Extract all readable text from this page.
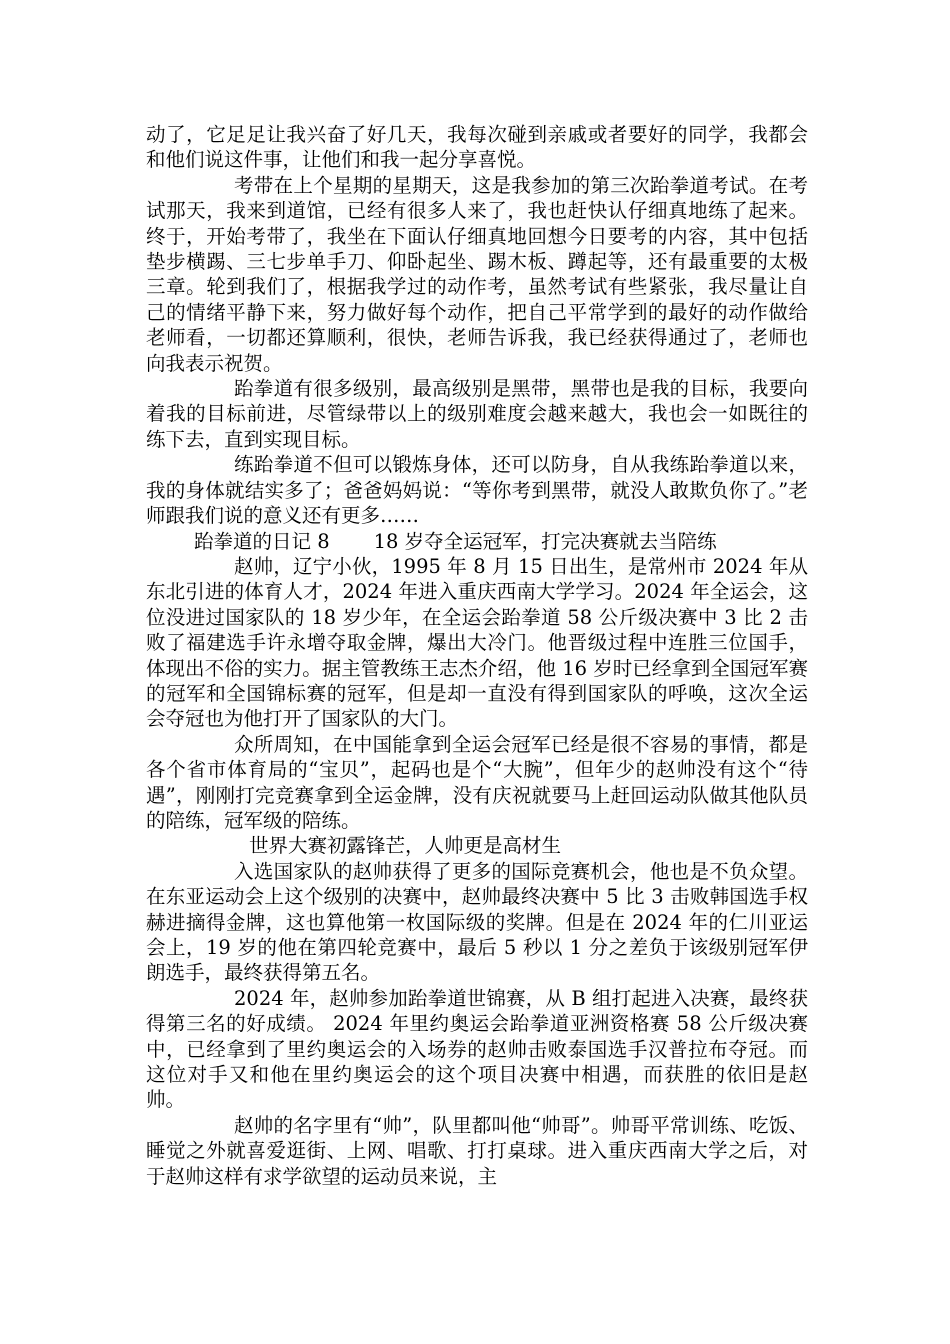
动了，它足足让我兴奋了好几天，我每次碰到亲戚或者要好的同学，我都会和他们说这件事，让他们和我一起分享喜悦。

考带在上个星期的星期天，这是我参加的第三次跆拳道考试。在考试那天，我来到道馆，已经有很多人来了，我也赶快认仔细真地练了起来。终于，开始考带了，我坐在下面认仔细真地回想今日要考的内容，其中包括垫步横踢、三七步单手刀、仰卧起坐、踢木板、蹲起等，还有最重要的太极三章。轮到我们了，根据我学过的动作考，虽然考试有些紧张，我尽量让自己的情绪平静下来，努力做好每个动作，把自己平常学到的最好的动作做给老师看，一切都还算顺利，很快，老师告诉我，我已经获得通过了，老师也向我表示祝贺。

跆拳道有很多级别，最高级别是黑带，黑带也是我的目标，我要向着我的目标前进，尽管绿带以上的级别难度会越来越大，我也会一如既往的练下去，直到实现目标。

练跆拳道不但可以锻炼身体，还可以防身，自从我练跆拳道以来，我的身体就结实多了；爸爸妈妈说：“等你考到黑带，就没人敢欺负你了。”老师跟我们说的意义还有更多……

跆拳道的日记 8 18 岁夺全运冠军，打完决赛就去当陪练

赵帅，辽宁小伙，1995 年 8 月 15 日出生，是常州市 2024 年从东北引进的体育人才，2024 年进入重庆西南大学学习。2024 年全运会，这位没进过国家队的 18 岁少年，在全运会跆拳道 58 公斤级决赛中 3 比 2 击败了福建选手许永增夺取金牌，爆出大冷门。他晋级过程中连胜三位国手，体现出不俗的实力。据主管教练王志杰介绍，他 16 岁时已经拿到全国冠军赛的冠军和全国锦标赛的冠军，但是却一直没有得到国家队的呼唤，这次全运会夺冠也为他打开了国家队的大门。

众所周知，在中国能拿到全运会冠军已经是很不容易的事情，都是各个省市体育局的“宝贝”，起码也是个“大腕”，但年少的赵帅没有这个“待遇”，刚刚打完竞赛拿到全运金牌，没有庆祝就要马上赶回运动队做其他队员的陪练，冠军级的陪练。

世界大赛初露锋芒，人帅更是高材生

入选国家队的赵帅获得了更多的国际竞赛机会，他也是不负众望。在东亚运动会上这个级别的决赛中，赵帅最终决赛中 5 比 3 击败韩国选手权赫进摘得金牌，这也算他第一枚国际级的奖牌。但是在 2024 年的仁川亚运会上，19 岁的他在第四轮竞赛中，最后 5 秒以 1 分之差负于该级别冠军伊朗选手，最终获得第五名。

2024 年，赵帅参加跆拳道世锦赛，从 B 组打起进入决赛，最终获得第三名的好成绩。 2024 年里约奥运会跆拳道亚洲资格赛 58 公斤级决赛中，已经拿到了里约奥运会的入场券的赵帅击败泰国选手汉普拉布夺冠。而这位对手又和他在里约奥运会的这个项目决赛中相遇，而获胜的依旧是赵帅。

赵帅的名字里有“帅”，队里都叫他“帅哥”。帅哥平常训练、吃饭、睡觉之外就喜爱逛街、上网、唱歌、打打桌球。进入重庆西南大学之后，对于赵帅这样有求学欲望的运动员来说，主
